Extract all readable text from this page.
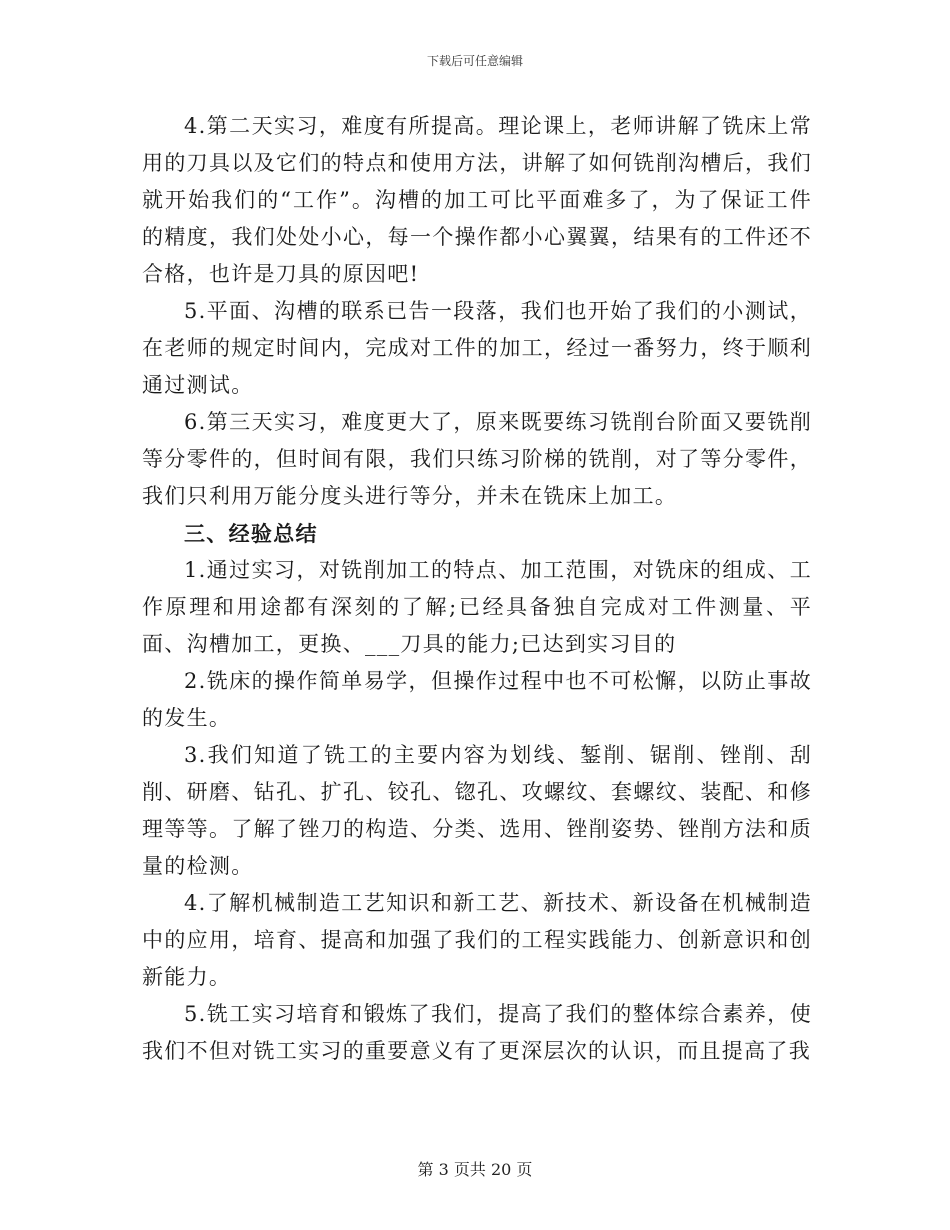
下载后可任意编辑

4.第二天实习，难度有所提高。理论课上，老师讲解了铣床上常用的刀具以及它们的特点和使用方法，讲解了如何铣削沟槽后，我们就开始我们的“工作”。沟槽的加工可比平面难多了，为了保证工件的精度，我们处处小心，每一个操作都小心翼翼，结果有的工件还不合格，也许是刀具的原因吧!

5.平面、沟槽的联系已告一段落，我们也开始了我们的小测试，在老师的规定时间内，完成对工件的加工，经过一番努力，终于顺利通过测试。

6.第三天实习，难度更大了，原来既要练习铣削台阶面又要铣削等分零件的，但时间有限，我们只练习阶梯的铣削，对了等分零件，我们只利用万能分度头进行等分，并未在铣床上加工。

三、经验总结

1.通过实习，对铣削加工的特点、加工范围，对铣床的组成、工作原理和用途都有深刻的了解;已经具备独自完成对工件测量、平面、沟槽加工，更换、___刀具的能力;已达到实习目的

2.铣床的操作简单易学，但操作过程中也不可松懈，以防止事故的发生。

3.我们知道了铣工的主要内容为划线、錾削、锯削、锉削、刮削、研磨、钻孔、扩孔、铰孔、锪孔、攻螺纹、套螺纹、装配、和修理等等。了解了锉刀的构造、分类、选用、锉削姿势、锉削方法和质量的检测。

4.了解机械制造工艺知识和新工艺、新技术、新设备在机械制造中的应用，培育、提高和加强了我们的工程实践能力、创新意识和创新能力。

5.铣工实习培育和锻炼了我们，提高了我们的整体综合素养，使我们不但对铣工实习的重要意义有了更深层次的认识，而且提高了我

第 3 页共 20 页
